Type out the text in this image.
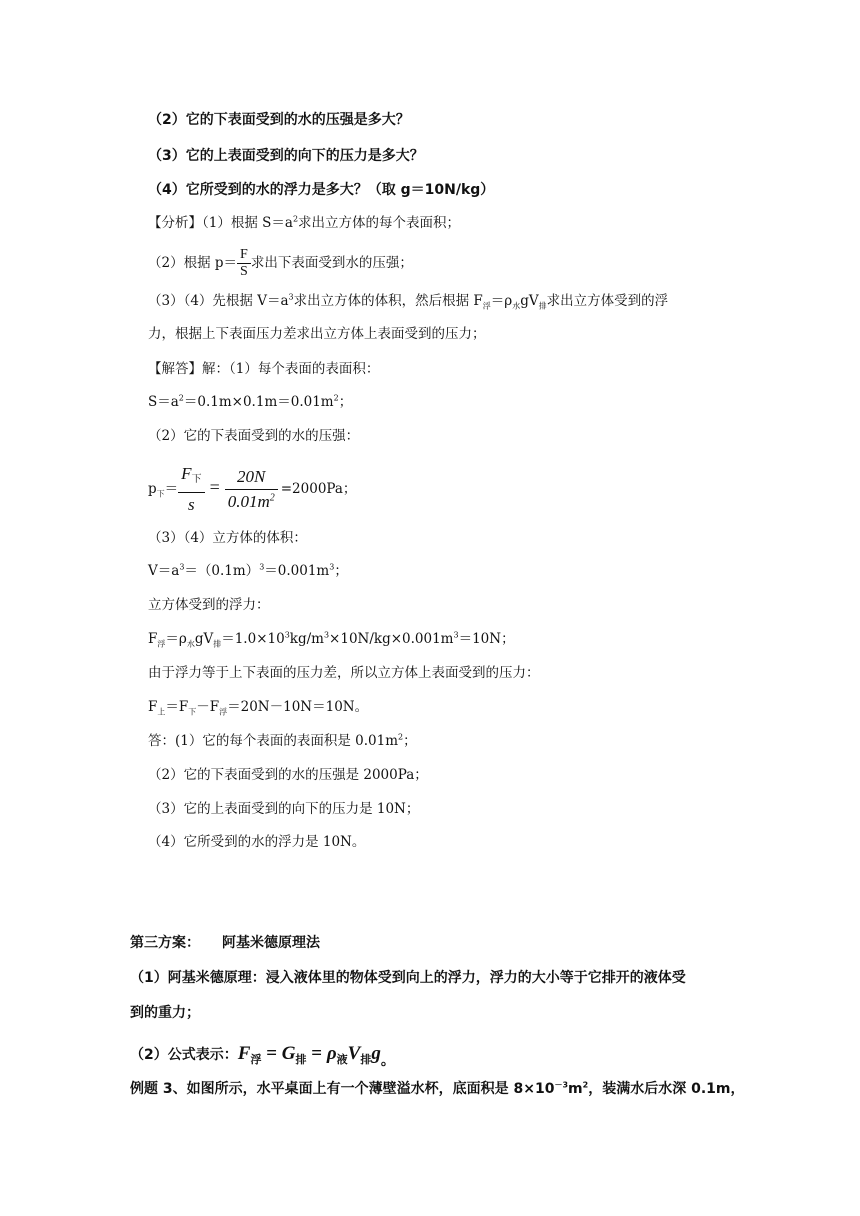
（2）它的下表面受到的水的压强是多大？
（3）它的上表面受到的向下的压力是多大？
（4）它所受到的水的浮力是多大？（取 g＝10N/kg）
【分析】（1）根据 $S=a^2$求出立方体的每个表面积；
（2）根据 $p= \frac{F}{S}$ 求出下表面受到水的压强；
（3）（4）先根据 $V=a^3$求出立方体的体积，然后根据 $F_浮=\rho_水gV_排$求出立方体受到的浮
力，根据上下表面压力差求出立方体上表面受到的压力；
【解答】解：（1）每个表面的表面积：
$S=a^2=0.1m\times 0.1m=0.01m^2$；
（2）它的下表面受到的水的压强：
$p_下= \frac{\text{F下}}{s} = \frac{20N}{0.01m^2} =2000Pa$；
（3）（4）立方体的体积：
$V=a^3=(0.1m)^3=0.001m^3$；
立方体受到的浮力：
$F_浮=\rho_水gV_排=1.0\times 10^3kg/m^3\times 10N/kg\times 0.001m^3=10N$；
由于浮力等于上下表面的压力差，所以立方体上表面受到的压力：
$F_上=F_下-F_浮=20N-10N=10N$。
答：(1）它的每个表面的表面积是 $0.01m^2$；
（2）它的下表面受到的水的压强是 2000Pa；
（3）它的上表面受到的向下的压力是 10N；
（4）它所受到的水的浮力是 10N。
第三方案： 阿基米德原理法
（1）阿基米德原理：浸入液体里的物体受到向上的浮力，浮力的大小等于它排开的液体受
到的重力；
（2）公式表示：$F_浮 = G_排 = \rho_液V_排g$。
例题 3、如图所示，水平桌面上有一个薄壁溢水杯，底面积是 $8\times 10^{-3}m^2$，装满水后水深 0.1m，
